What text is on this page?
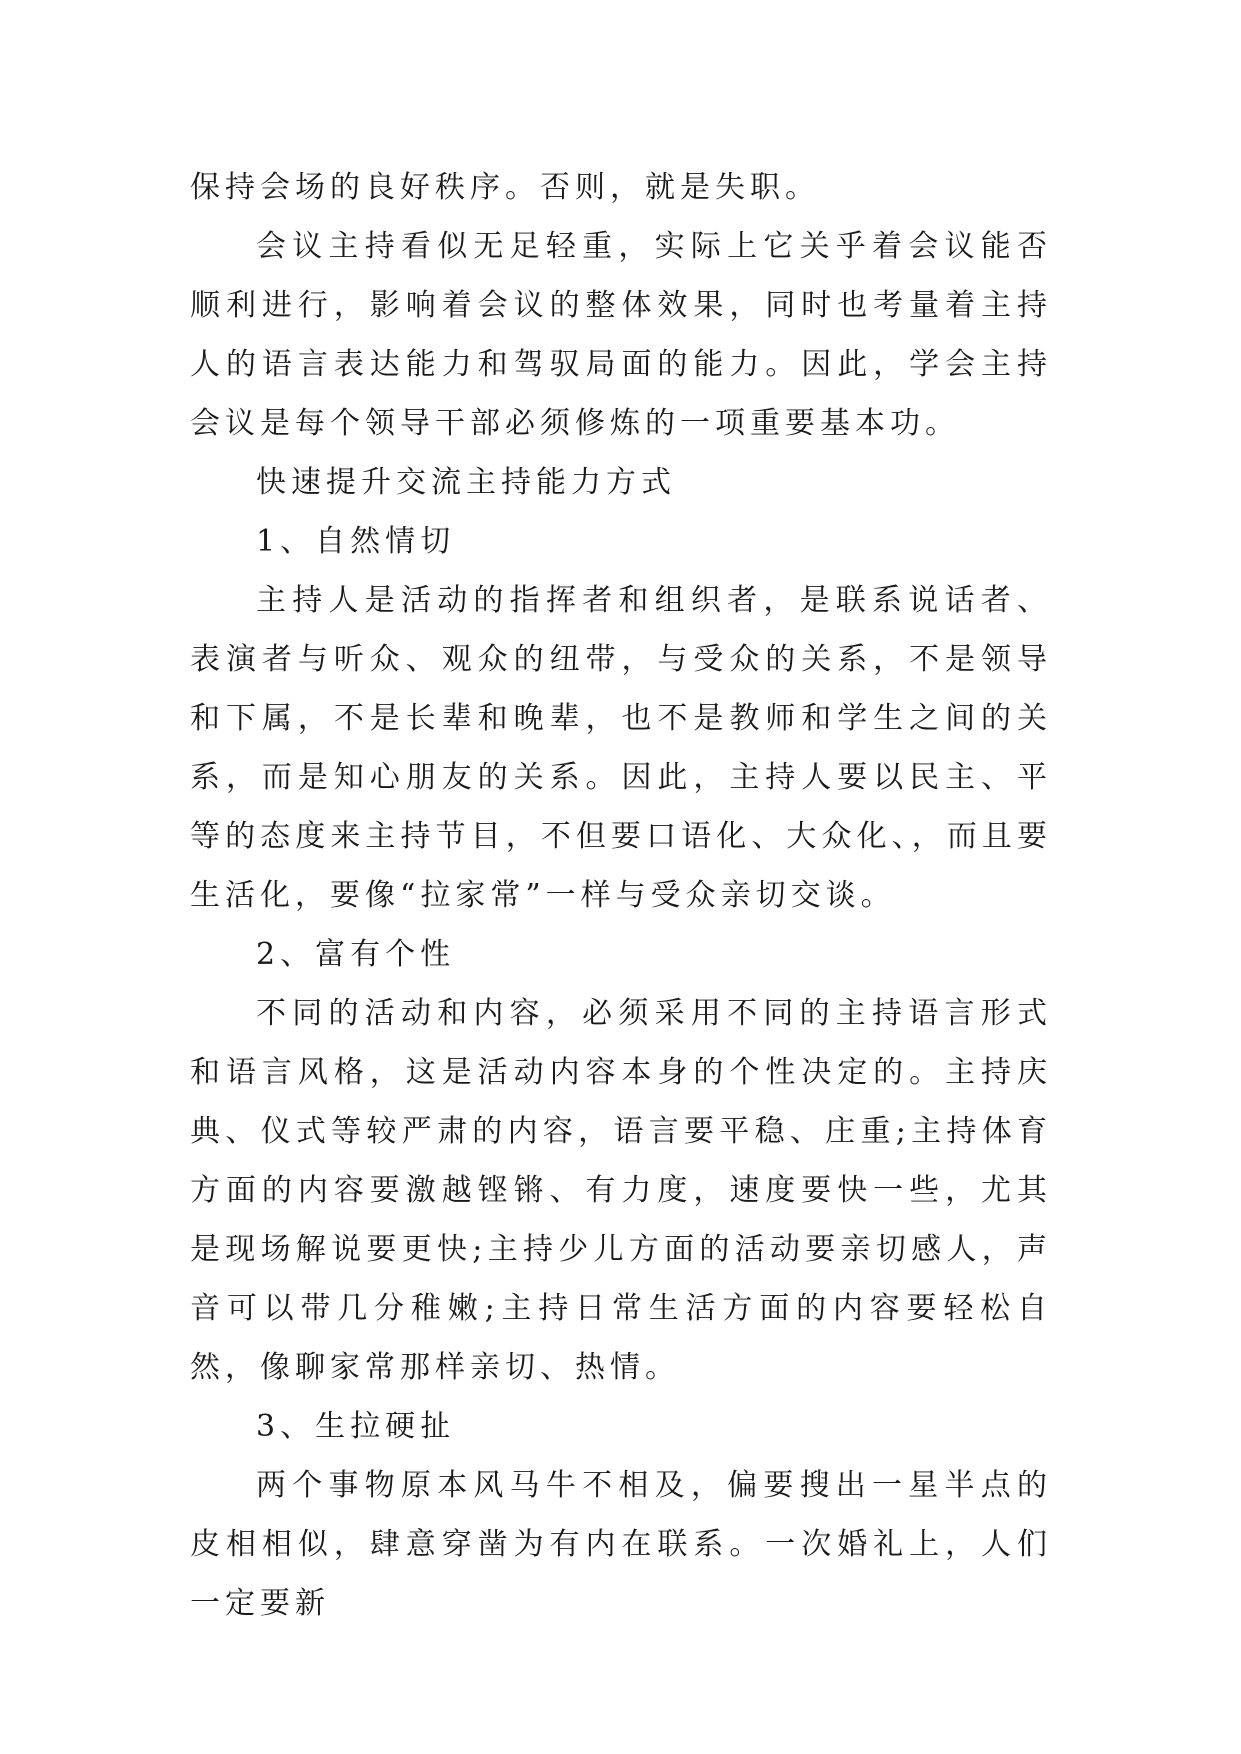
保持会场的良好秩序。否则，就是失职。

会议主持看似无足轻重，实际上它关乎着会议能否顺利进行，影响着会议的整体效果，同时也考量着主持人的语言表达能力和驾驭局面的能力。因此，学会主持会议是每个领导干部必须修炼的一项重要基本功。

快速提升交流主持能力方式

1、自然情切

主持人是活动的指挥者和组织者，是联系说话者、表演者与听众、观众的纽带，与受众的关系，不是领导和下属，不是长辈和晚辈，也不是教师和学生之间的关系，而是知心朋友的关系。因此，主持人要以民主、平等的态度来主持节目，不但要口语化、大众化、，而且要生活化，要像“拉家常”一样与受众亲切交谈。

2、富有个性

不同的活动和内容，必须采用不同的主持语言形式和语言风格，这是活动内容本身的个性决定的。主持庆典、仪式等较严肃的内容，语言要平稳、庄重;主持体育方面的内容要激越铿锵、有力度，速度要快一些，尤其是现场解说要更快;主持少儿方面的活动要亲切感人，声音可以带几分稚嫩;主持日常生活方面的内容要轻松自然，像聊家常那样亲切、热情。

3、生拉硬扯

两个事物原本风马牛不相及，偏要搜出一星半点的皮相相似，肆意穿凿为有内在联系。一次婚礼上，人们一定要新
